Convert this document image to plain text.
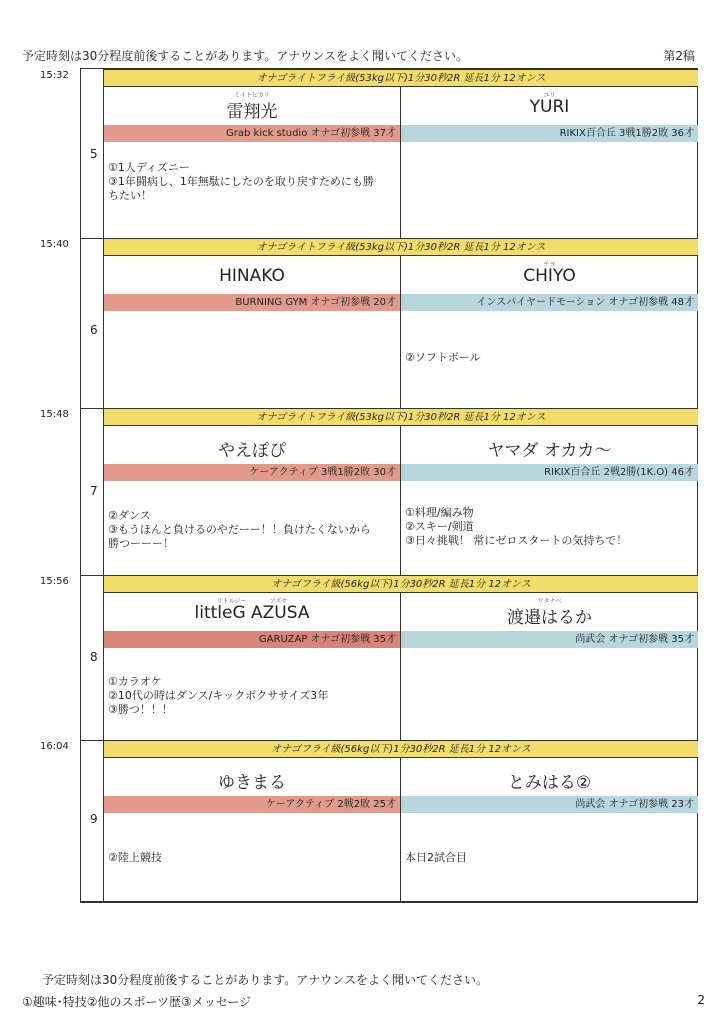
予定時刻は30分程度前後することがあります。アナウンスをよく聞いてください。	第2稿
5
オナゴライトフライ級(53kg以下)1分30秒2R 延長1分 12オンス
ミイトヒカリ
雷翔光
Grab kick studio オナゴ初参戦 37才
①1人ディズニー
③1年闘病し、1年無駄にしたのを取り戻すためにも勝
ちたい！
ユリ
YURI
RIKIX百合丘 3戦1勝2敗 36才
6
オナゴライトフライ級(53kg以下)1分30秒2R 延長1分 12オンス
HINAKO
BURNING GYM オナゴ初参戦 20才
チヨ
CHIYO
インスパイヤードモーション オナゴ初参戦 48才
②ソフトボール
7
オナゴライトフライ級(53kg以下)1分30秒2R 延長1分 12オンス
やえぽぴ
ケーアクティブ 3戦1勝2敗 30才
②ダンス
③もうほんと負けるのやだーー！！負けたくないから
勝つーーー！
ヤマダ オカカ～
RIKIX百合丘 2戦2勝(1K.O) 46才
①料理/編み物
②スキー/剣道
③日々挑戦！ 常にゼロスタートの気持ちで！
8
オナゴフライ級(56kg以下)1分30秒2R 延長1分 12オンス
リトルジー            アズサ
littleG AZUSA
GARUZAP オナゴ初参戦 35才
①カラオケ
②10代の時はダンス/キックボクササイズ3年
③勝つ！！！
ワタナベ
渡邉はるか
尚武会 オナゴ初参戦 35才
9
オナゴフライ級(56kg以下)1分30秒2R 延長1分 12オンス
ゆきまる
ケーアクティブ 2戦2敗 25才
②陸上競技
とみはる②
尚武会 オナゴ初参戦 23才
本日2試合目
予定時刻は30分程度前後することがあります。アナウンスをよく聞いてください。
①趣味･特技②他のスポーツ歴③メッセージ	2
15:32
15:40
15:48
15:56
16:04
